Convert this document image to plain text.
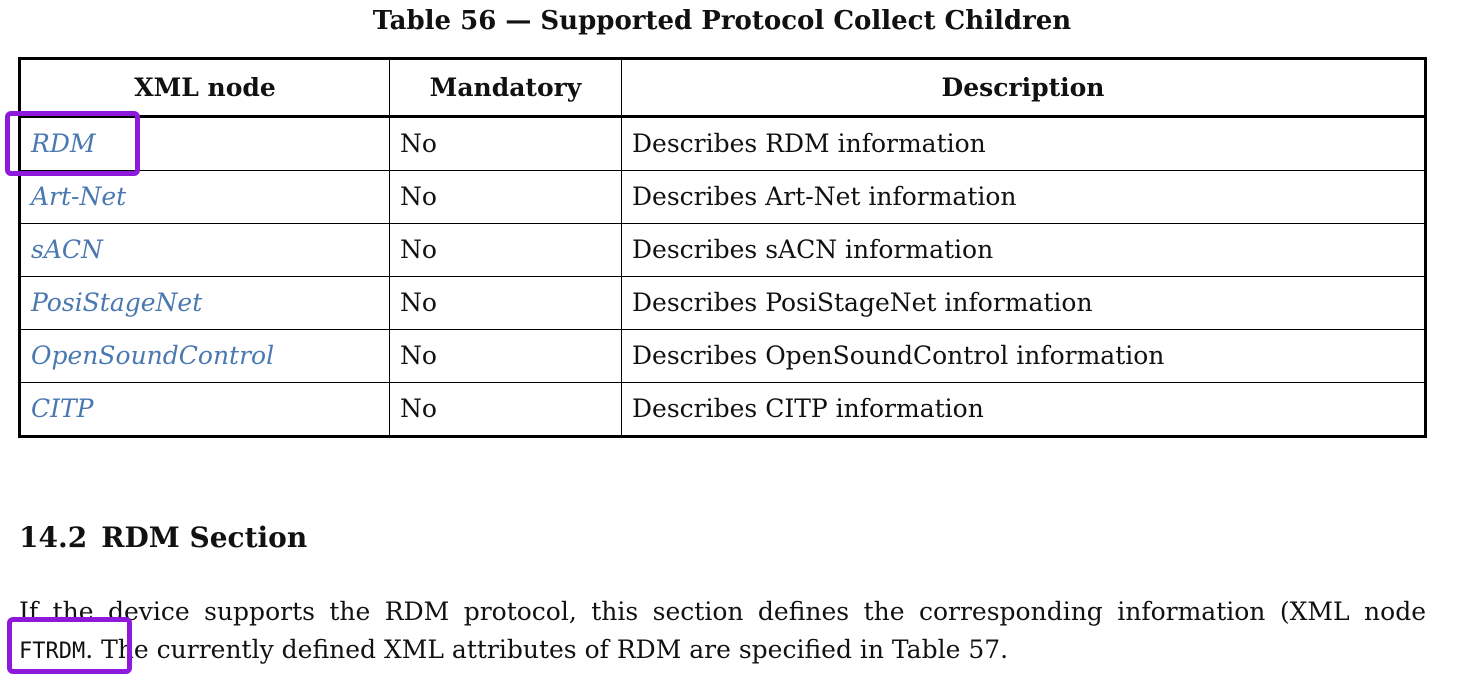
Table 56 — Supported Protocol Collect Children
XML node	Mandatory	Description
RDM	No	Describes RDM information
Art-Net	No	Describes Art-Net information
sACN	No	Describes sACN information
PosiStageNet	No	Describes PosiStageNet information
OpenSoundControl	No	Describes OpenSoundControl information
CITP	No	Describes CITP information
14.2 RDM Section
If the device supports the RDM protocol, this section defines the corresponding information (XML node
FTRDM. The currently defined XML attributes of RDM are specified in Table 57.
